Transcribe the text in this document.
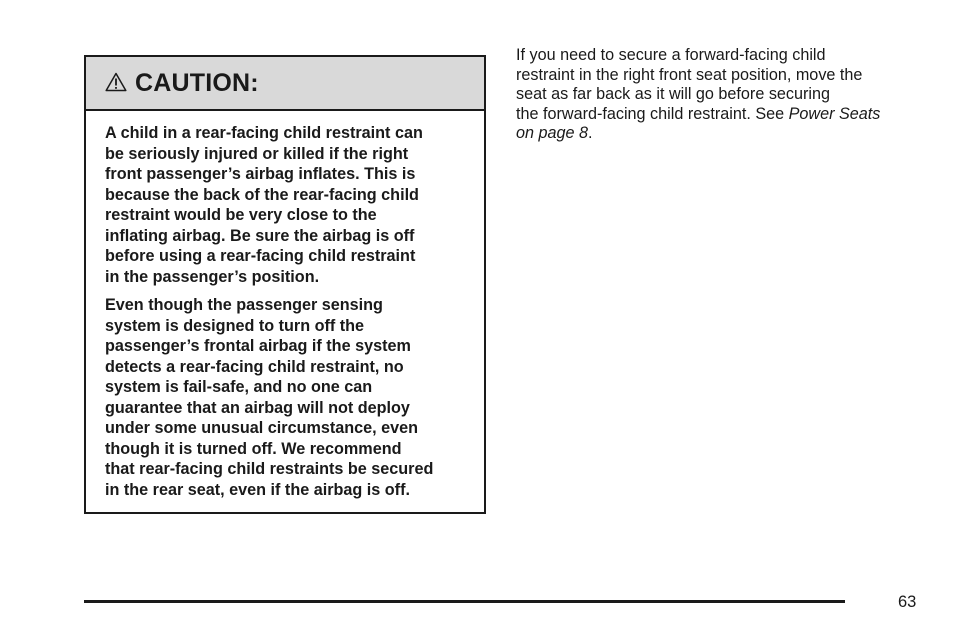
CAUTION:

A child in a rear-facing child restraint can
be seriously injured or killed if the right
front passenger’s airbag inflates. This is
because the back of the rear-facing child
restraint would be very close to the
inflating airbag. Be sure the airbag is off
before using a rear-facing child restraint
in the passenger’s position.

Even though the passenger sensing
system is designed to turn off the
passenger’s frontal airbag if the system
detects a rear-facing child restraint, no
system is fail-safe, and no one can
guarantee that an airbag will not deploy
under some unusual circumstance, even
though it is turned off. We recommend
that rear-facing child restraints be secured
in the rear seat, even if the airbag is off.

If you need to secure a forward-facing child
restraint in the right front seat position, move the
seat as far back as it will go before securing
the forward-facing child restraint. See Power Seats
on page 8.

63
